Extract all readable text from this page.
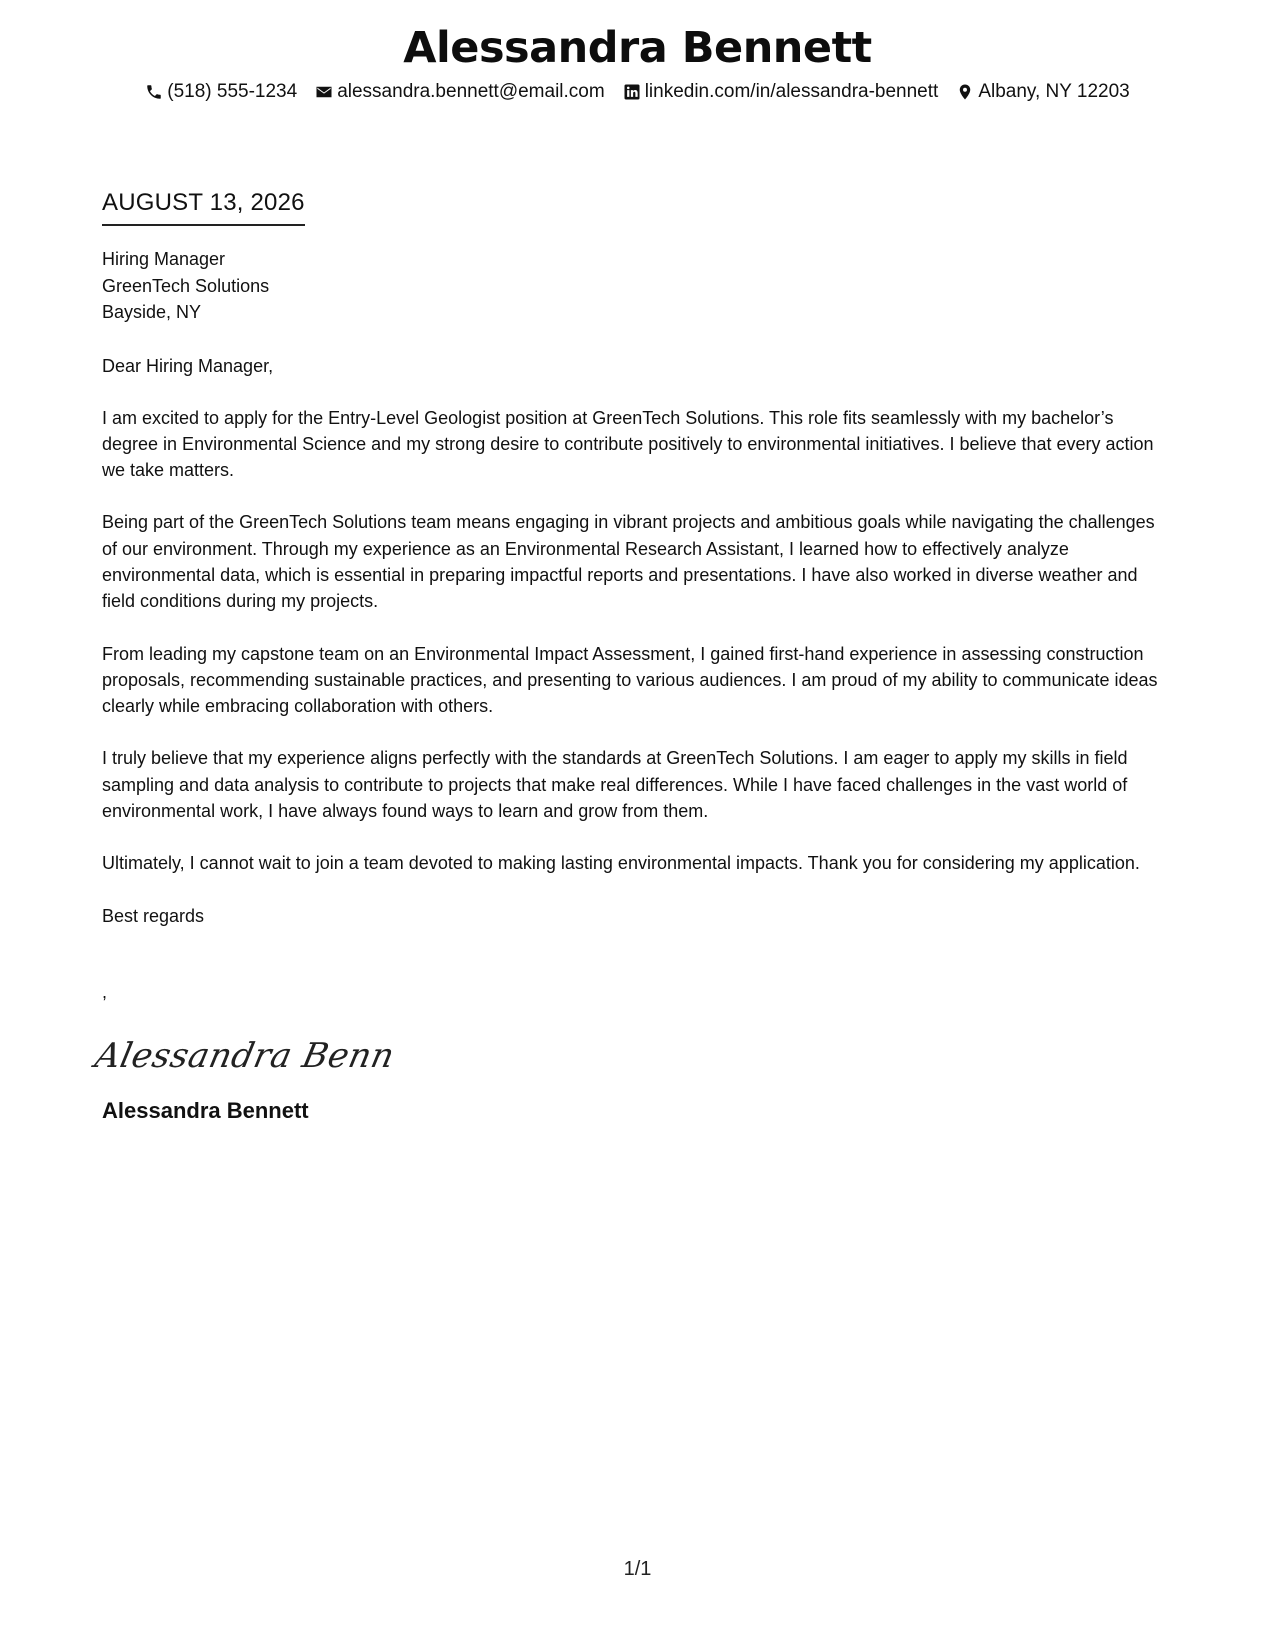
Alessandra Bennett
(518) 555-1234 alessandra.bennett@email.com linkedin.com/in/alessandra-bennett Albany, NY 12203
AUGUST 13, 2026
Hiring Manager
GreenTech Solutions
Bayside, NY
Dear Hiring Manager,
I am excited to apply for the Entry-Level Geologist position at GreenTech Solutions. This role fits seamlessly with my bachelor’s degree in Environmental Science and my strong desire to contribute positively to environmental initiatives. I believe that every action we take matters.
Being part of the GreenTech Solutions team means engaging in vibrant projects and ambitious goals while navigating the challenges of our environment. Through my experience as an Environmental Research Assistant, I learned how to effectively analyze environmental data, which is essential in preparing impactful reports and presentations. I have also worked in diverse weather and field conditions during my projects.
From leading my capstone team on an Environmental Impact Assessment, I gained first-hand experience in assessing construction proposals, recommending sustainable practices, and presenting to various audiences. I am proud of my ability to communicate ideas clearly while embracing collaboration with others.
I truly believe that my experience aligns perfectly with the standards at GreenTech Solutions. I am eager to apply my skills in field sampling and data analysis to contribute to projects that make real differences. While I have faced challenges in the vast world of environmental work, I have always found ways to learn and grow from them.
Ultimately, I cannot wait to join a team devoted to making lasting environmental impacts. Thank you for considering my application.
Best regards
,
Alessandra Benn
Alessandra Bennett
1/1
